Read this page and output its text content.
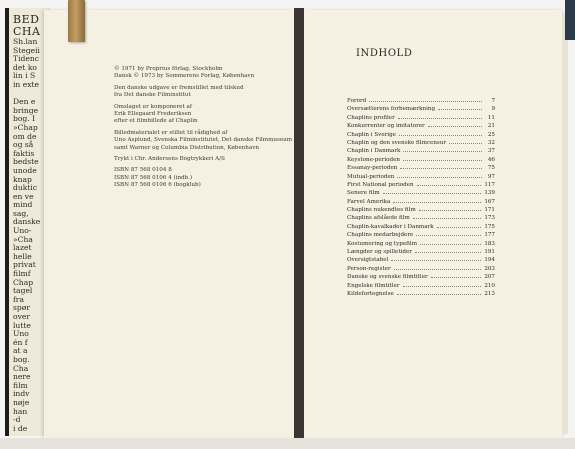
BED
CHA
Sh.lan
Stegeii
Tidenc
det ko
lin i S
in exte

Den e
bringe
bog. I
»Chap
om de
og så
faktis
bedste
unode
knap
duktic
en ve
mind
sag,
danske
Uno-
»Cha
lazet
helle
privat
filmf
Chap
tagel
fra
spør
over
lutte
Uno
én f
at a
bog.
Cha
nere
film
indv
nøje
han
-d
i de
© 1971 by Proprius förlag, Stockholm
Dansk © 1973 by Sommerens Forlag, København
Den danske udgave er fremstillet med tilskud
fra Det danske Filminstitut
Omslaget er komponeret af
Erik Ellegaard Frederiksen
efter et filmbillede af Chaplin
Billedmaterialet er stillet til rådighed af
Uno Asplund, Svenska Filminstitutet, Det danske Filmmuseum
samt Warner og Columbia Distribution, København
Trykt i Chr. Andersens Bogtrykkeri A/S
ISBN 87 568 0104 8
ISBN 87 568 0106 4 (indb.)
ISBN 87 568 0106 6 (bogklub)
INDHOLD
Forord	7
Oversætterens forbemærkning	9
Chaplins profiler	11
Konkurrenter og imitatorer	21
Chaplin i Sverige	25
Chaplin og den svenske filmcensur	32
Chaplin i Danmark	37
Keystone-perioden	46
Essanay-perioden	75
Mutual-perioden	97
First National perioden	117
Senere film	139
Farvel Amerika	167
Chaplins nukendtes film	171
Chaplins afslåede film	173
Chaplin-kavalkader i Danmark	175
Chaplins medarbejdere	177
Kostumering og typefilm	183
Længder og spilletider	191
Oversigtstabel	194
Person-register	203
Danske og svenske filmtitler	207
Engelske filmtitler	210
Kildefortegnelse	213
